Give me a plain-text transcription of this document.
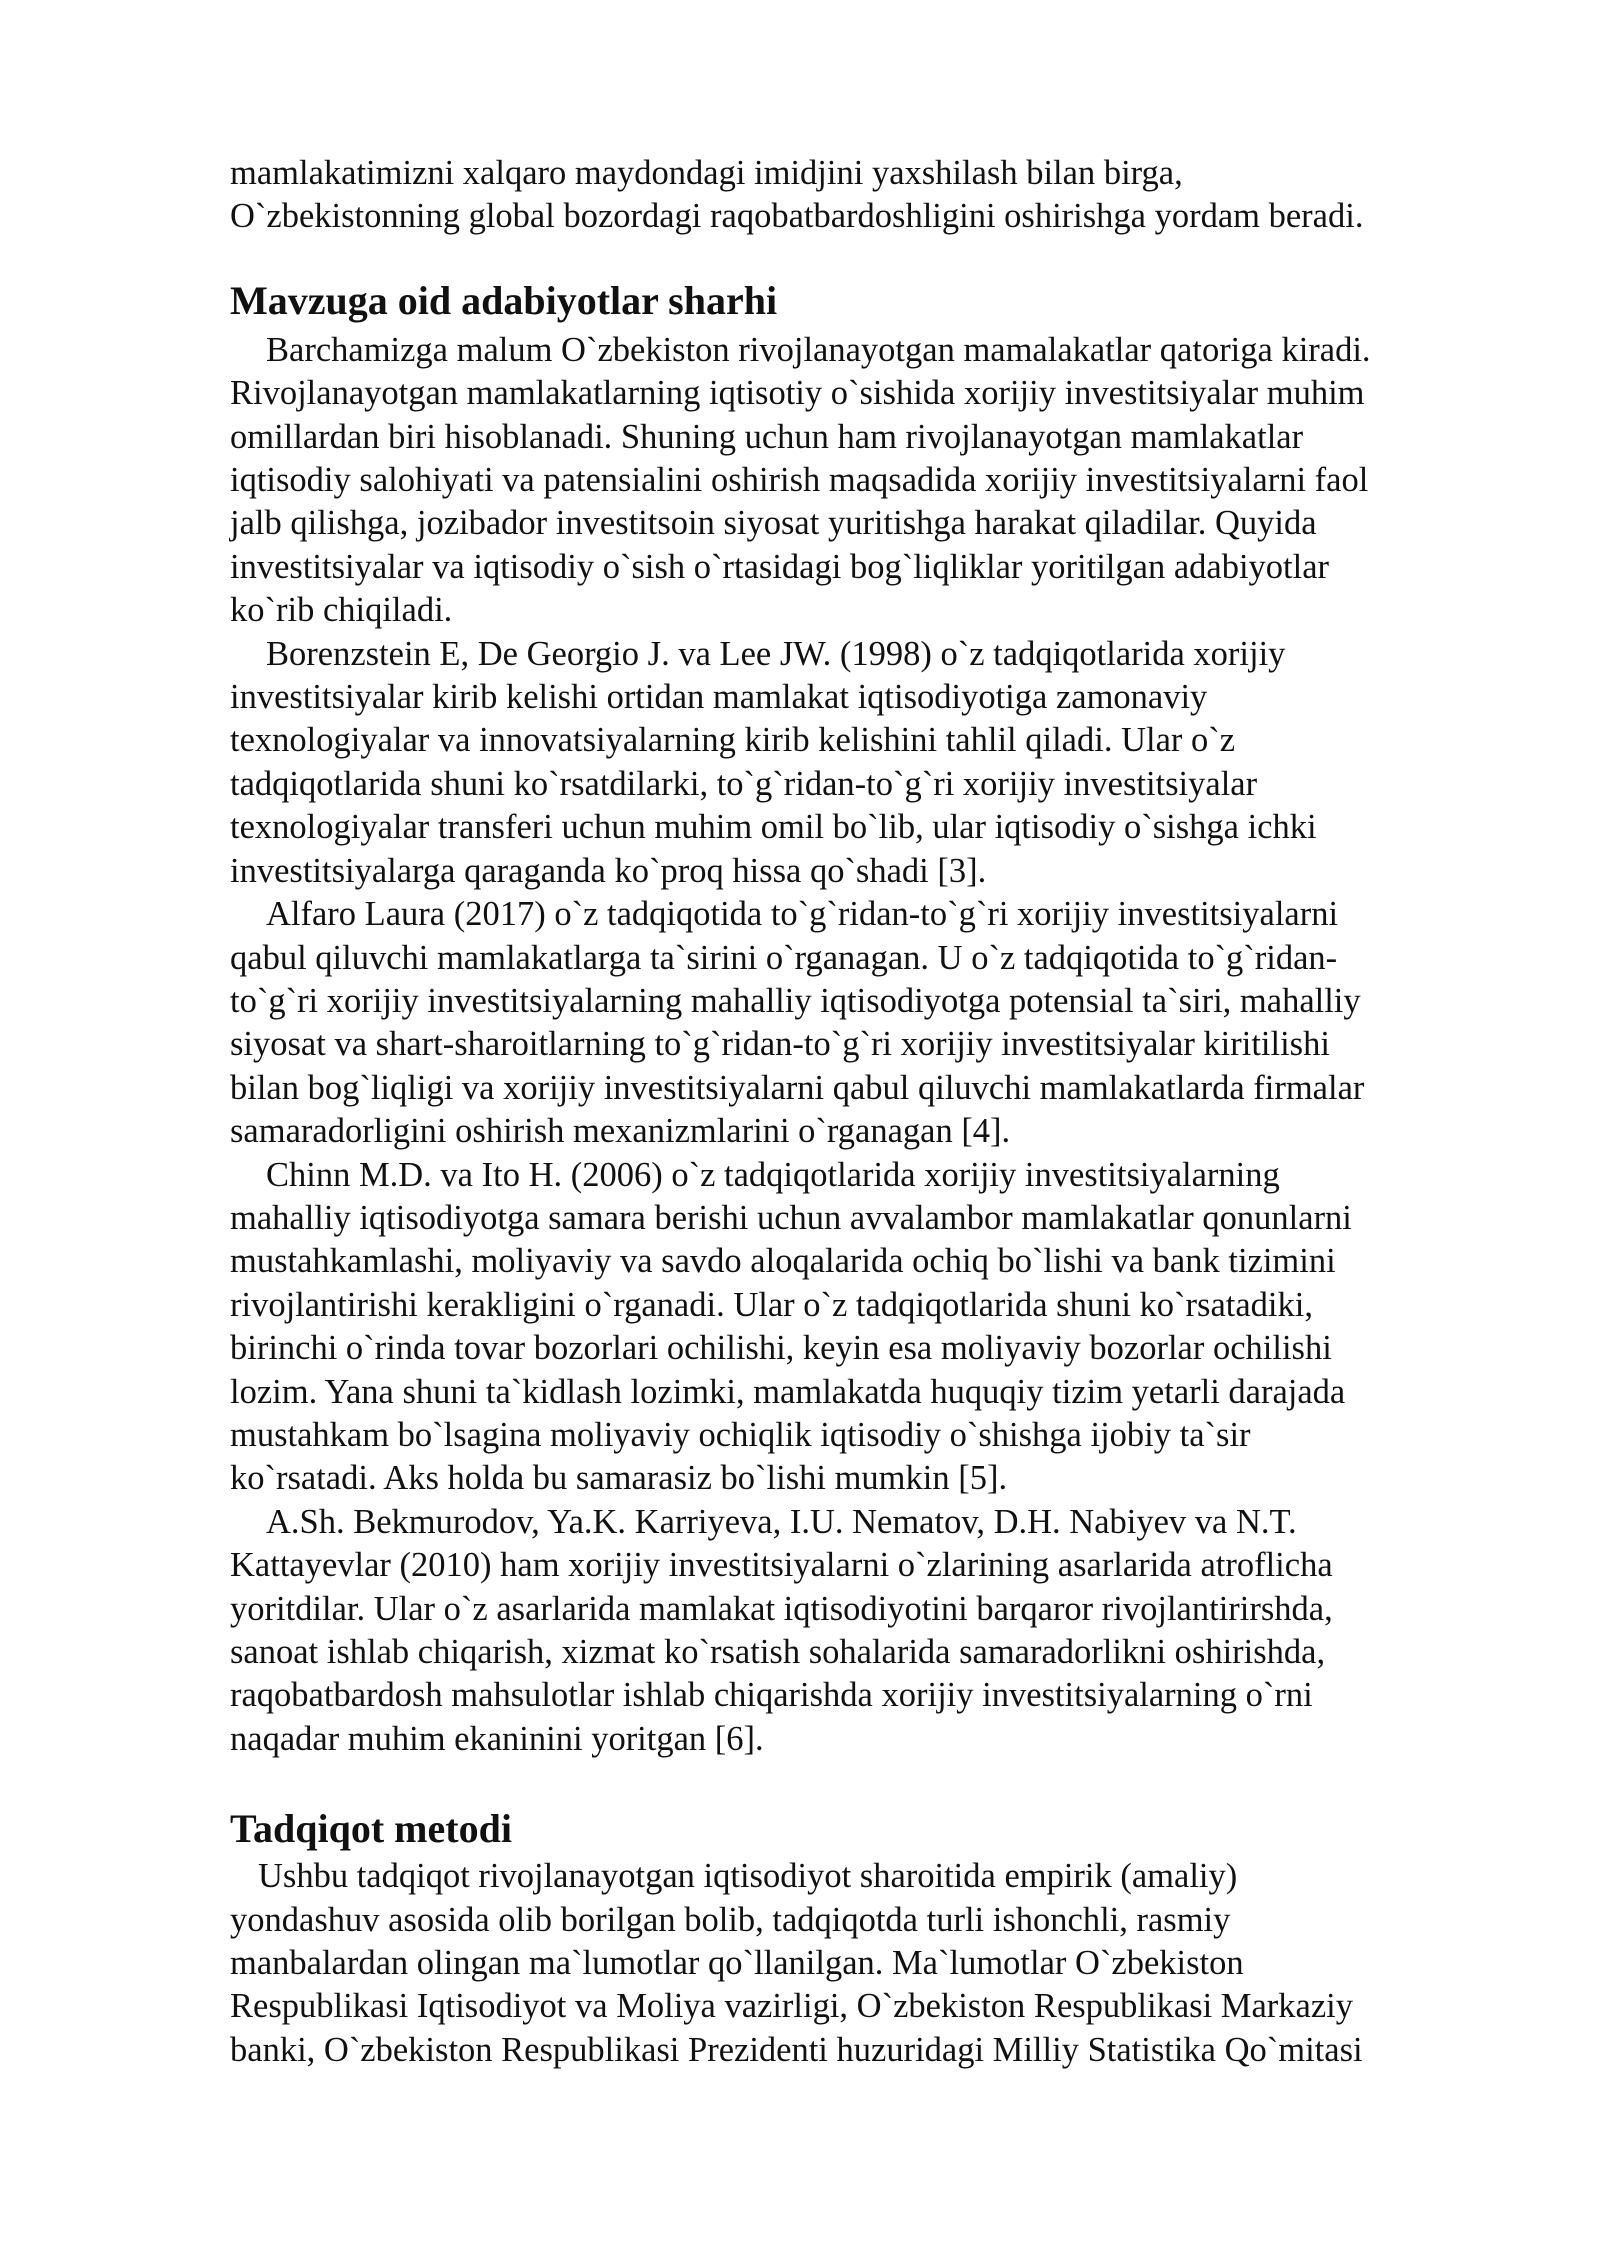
mamlakatimizni xalqaro maydondagi imidjini yaxshilash bilan birga,
O`zbekistonning global bozordagi raqobatbardoshligini oshirishga yordam beradi.

Mavzuga oid adabiyotlar sharhi

Barchamizga malum O`zbekiston rivojlanayotgan mamalakatlar qatoriga kiradi.
Rivojlanayotgan mamlakatlarning iqtisotiy o`sishida xorijiy investitsiyalar muhim
omillardan biri hisoblanadi. Shuning uchun ham rivojlanayotgan mamlakatlar
iqtisodiy salohiyati va patensialini oshirish maqsadida xorijiy investitsiyalarni faol
jalb qilishga, jozibador investitsoin siyosat yuritishga harakat qiladilar. Quyida
investitsiyalar va iqtisodiy o`sish o`rtasidagi bog`liqliklar yoritilgan adabiyotlar
ko`rib chiqiladi.

Borenzstein E, De Georgio J. va Lee JW. (1998) o`z tadqiqotlarida xorijiy
investitsiyalar kirib kelishi ortidan mamlakat iqtisodiyotiga zamonaviy
texnologiyalar va innovatsiyalarning kirib kelishini tahlil qiladi. Ular o`z
tadqiqotlarida shuni ko`rsatdilarki, to`g`ridan-to`g`ri xorijiy investitsiyalar
texnologiyalar transferi uchun muhim omil bo`lib, ular iqtisodiy o`sishga ichki
investitsiyalarga qaraganda ko`proq hissa qo`shadi [3].

Alfaro Laura (2017) o`z tadqiqotida to`g`ridan-to`g`ri xorijiy investitsiyalarni
qabul qiluvchi mamlakatlarga ta`sirini o`rganagan. U o`z tadqiqotida to`g`ridan-
to`g`ri xorijiy investitsiyalarning mahalliy iqtisodiyotga potensial ta`siri, mahalliy
siyosat va shart-sharoitlarning to`g`ridan-to`g`ri xorijiy investitsiyalar kiritilishi
bilan bog`liqligi va xorijiy investitsiyalarni qabul qiluvchi mamlakatlarda firmalar
samaradorligini oshirish mexanizmlarini o`rganagan [4].

Chinn M.D. va Ito H. (2006) o`z tadqiqotlarida xorijiy investitsiyalarning
mahalliy iqtisodiyotga samara berishi uchun avvalambor mamlakatlar qonunlarni
mustahkamlashi, moliyaviy va savdo aloqalarida ochiq bo`lishi va bank tizimini
rivojlantirishi kerakligini o`rganadi. Ular o`z tadqiqotlarida shuni ko`rsatadiki,
birinchi o`rinda tovar bozorlari ochilishi, keyin esa moliyaviy bozorlar ochilishi
lozim. Yana shuni ta`kidlash lozimki, mamlakatda huquqiy tizim yetarli darajada
mustahkam bo`lsagina moliyaviy ochiqlik iqtisodiy o`shishga ijobiy ta`sir
ko`rsatadi. Aks holda bu samarasiz bo`lishi mumkin [5].

A.Sh. Bekmurodov, Ya.K. Karriyeva, I.U. Nematov, D.H. Nabiyev va N.T.
Kattayevlar (2010) ham xorijiy investitsiyalarni o`zlarining asarlarida atroflicha
yoritdilar. Ular o`z asarlarida mamlakat iqtisodiyotini barqaror rivojlantirirshda,
sanoat ishlab chiqarish, xizmat ko`rsatish sohalarida samaradorlikni oshirishda,
raqobatbardosh mahsulotlar ishlab chiqarishda xorijiy investitsiyalarning o`rni
naqadar muhim ekaninini yoritgan [6].

Tadqiqot metodi

Ushbu tadqiqot rivojlanayotgan iqtisodiyot sharoitida empirik (amaliy)
yondashuv asosida olib borilgan bolib, tadqiqotda turli ishonchli, rasmiy
manbalardan olingan ma`lumotlar qo`llanilgan. Ma`lumotlar O`zbekiston
Respublikasi Iqtisodiyot va Moliya vazirligi, O`zbekiston Respublikasi Markaziy
banki, O`zbekiston Respublikasi Prezidenti huzuridagi Milliy Statistika Qo`mitasi
